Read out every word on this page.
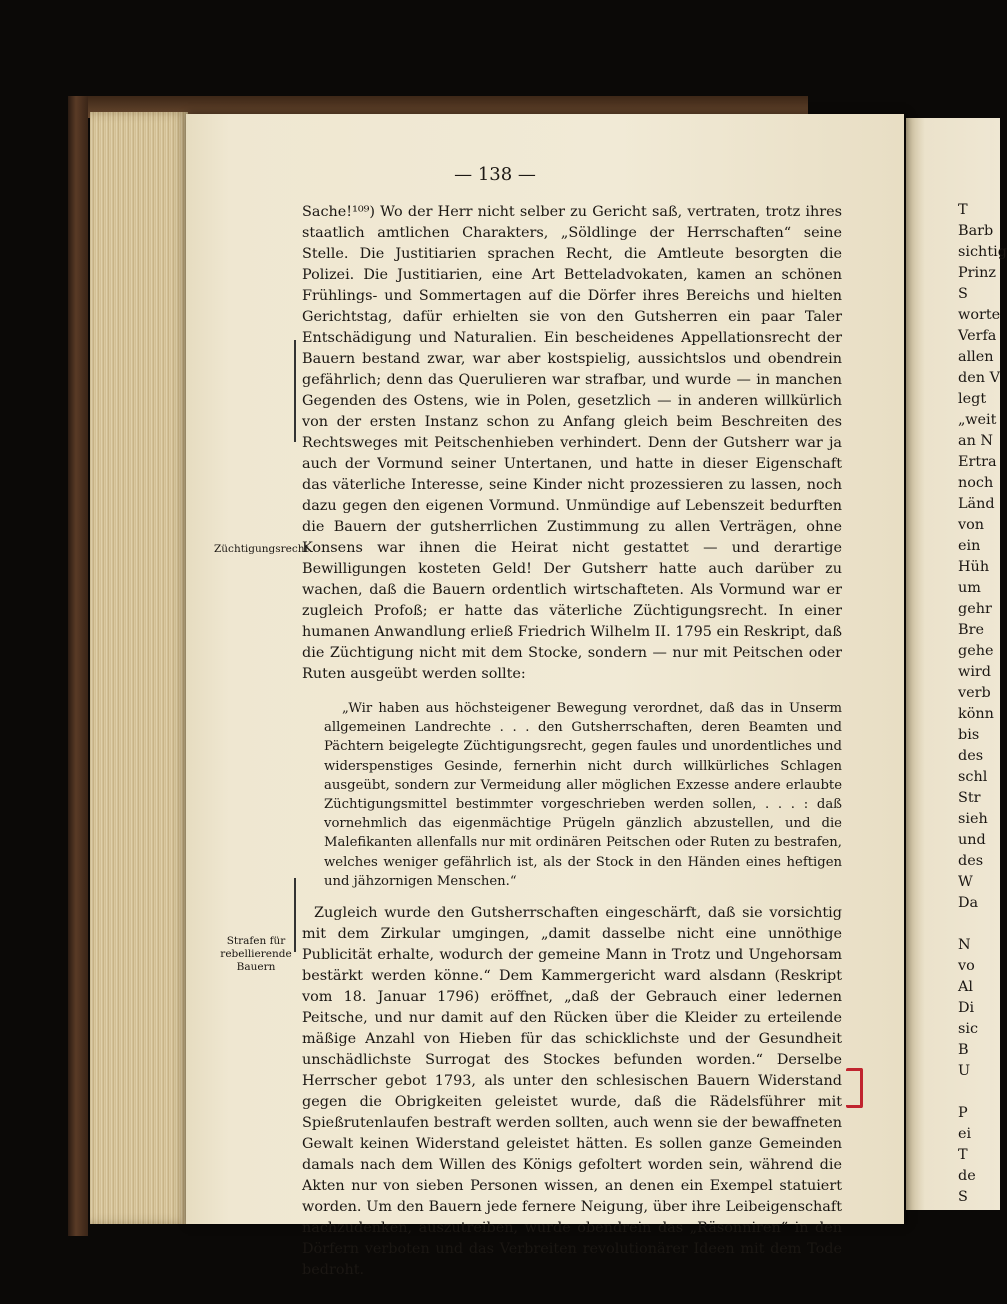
— 138 —

Sache!¹⁰⁹) Wo der Herr nicht selber zu Gericht saß, vertraten, trotz ihres staatlich amtlichen Charakters, „Söldlinge der Herrschaften“ seine Stelle. Die Justitiarien sprachen Recht, die Amtleute besorgten die Polizei. Die Justitiarien, eine Art Betteladvokaten, kamen an schönen Frühlings- und Sommertagen auf die Dörfer ihres Bereichs und hielten Gerichtstag, dafür erhielten sie von den Gutsherren ein paar Taler Entschädigung und Naturalien. Ein bescheidenes Appellationsrecht der Bauern bestand zwar, war aber kostspielig, aussichtslos und obendrein gefährlich; denn das Querulieren war strafbar, und wurde — in manchen Gegenden des Ostens, wie in Polen, gesetzlich — in anderen willkürlich von der ersten Instanz schon zu Anfang gleich beim Beschreiten des Rechtsweges mit Peitschenhieben verhindert. Denn der Gutsherr war ja auch der Vormund seiner Untertanen, und hatte in dieser Eigenschaft das väterliche Interesse, seine Kinder nicht prozessieren zu lassen, noch dazu gegen den eigenen Vormund. Unmündige auf Lebenszeit bedurften die Bauern der gutsherrlichen Zustimmung zu allen Verträgen, ohne Konsens war ihnen die Heirat nicht gestattet — und derartige Bewilligungen kosteten Geld! Der Gutsherr hatte auch darüber zu wachen, daß die Bauern ordentlich wirtschafteten. Als Vormund war er zugleich Profoß; er hatte das väterliche Züchtigungsrecht. In einer humanen Anwandlung erließ Friedrich Wilhelm II. 1795 ein Reskript, daß die Züchtigung nicht mit dem Stocke, sondern — nur mit Peitschen oder Ruten ausgeübt werden sollte:

„Wir haben aus höchsteigener Bewegung verordnet, daß das in Unserm allgemeinen Landrechte . . . den Gutsherrschaften, deren Beamten und Pächtern beigelegte Züchtigungsrecht, gegen faules und unordentliches und widerspenstiges Gesinde, fernerhin nicht durch willkürliches Schlagen ausgeübt, sondern zur Vermeidung aller möglichen Exzesse andere erlaubte Züchtigungsmittel bestimmter vorgeschrieben werden sollen, . . . : daß vornehmlich das eigenmächtige Prügeln gänzlich abzustellen, und die Malefikanten allenfalls nur mit ordinären Peitschen oder Ruten zu bestrafen, welches weniger gefährlich ist, als der Stock in den Händen eines heftigen und jähzornigen Menschen.“

Zugleich wurde den Gutsherrschaften eingeschärft, daß sie vorsichtig mit dem Zirkular umgingen, „damit dasselbe nicht eine unnöthige Publicität erhalte, wodurch der gemeine Mann in Trotz und Ungehorsam bestärkt werden könne.“ Dem Kammergericht ward alsdann (Reskript vom 18. Januar 1796) eröffnet, „daß der Gebrauch einer ledernen Peitsche, und nur damit auf den Rücken über die Kleider zu erteilende mäßige Anzahl von Hieben für das schicklichste und der Gesundheit unschädlichste Surrogat des Stockes befunden worden.“ Derselbe Herrscher gebot 1793, als unter den schlesischen Bauern Widerstand gegen die Obrigkeiten geleistet wurde, daß die Rädelsführer mit Spießrutenlaufen bestraft werden sollten, auch wenn sie der bewaffneten Gewalt keinen Widerstand geleistet hätten. Es sollen ganze Gemeinden damals nach dem Willen des Königs gefoltert worden sein, während die Akten nur von sieben Personen wissen, an denen ein Exempel statuiert worden. Um den Bauern jede fernere Neigung, über ihre Leibeigenschaft nachzudenken, auszutreiben, wurde obendrein das „Räsonniren“ in den Dörfern verboten und das Verbreiten revolutionärer Ideen mit dem Tode bedroht.

Züchtigungsrecht
Strafen für rebellierende Bauern
T
Barb
sichtig
Prinz
S
worte
Verfa
allen
den V
legt
„weit
an N
Ertra
noch
Länd
von
ein
Hüh
um
gehr
Bre
gehe
wird
verb
könn
bis
des
schl
Str
sieh
und
des
W
Da
N
vo
Al
Di
sic
B
U
P
ei
T
de
S
